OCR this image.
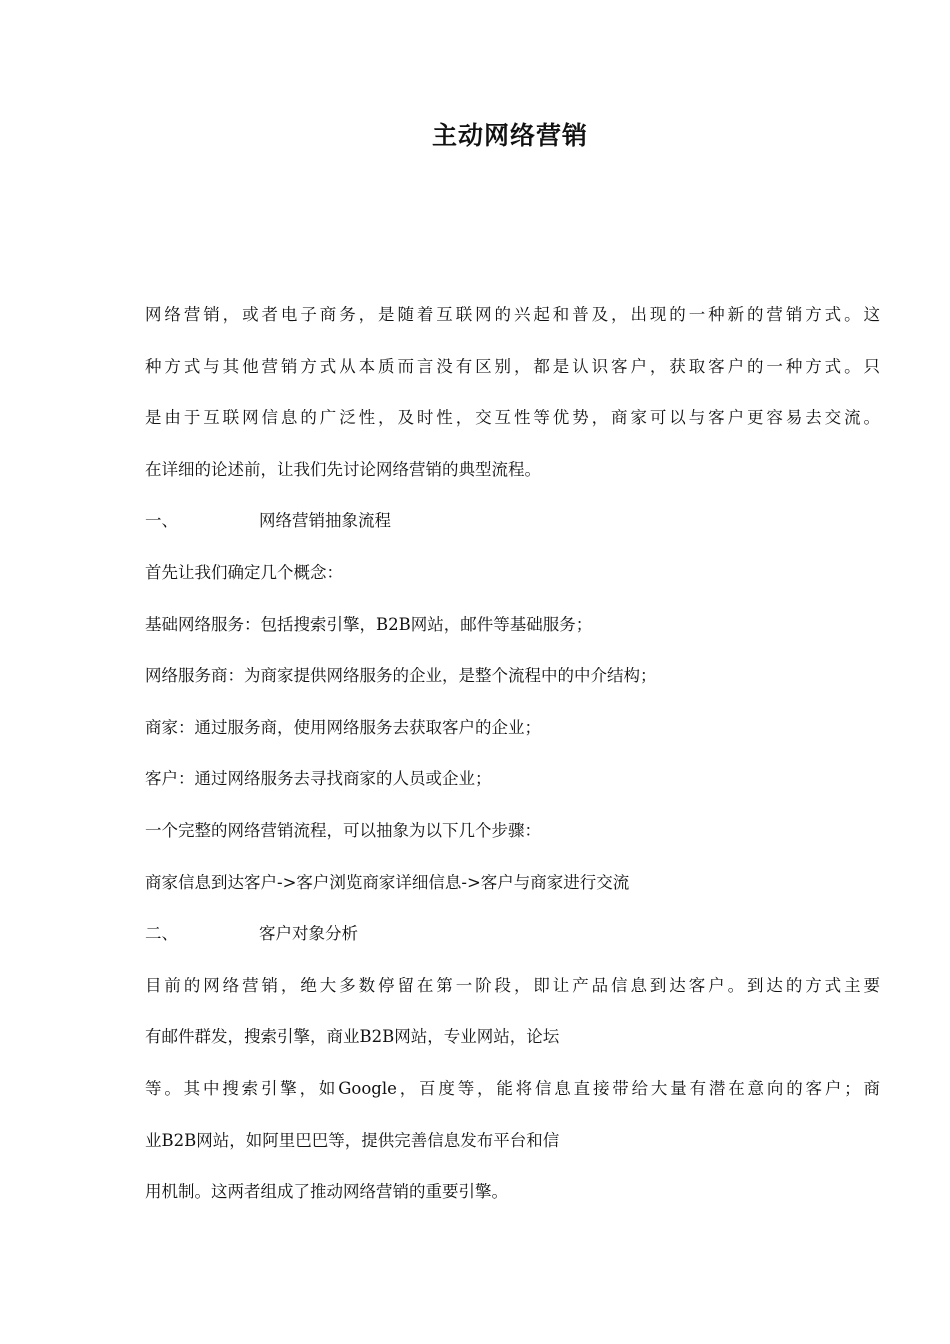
主动网络营销
网络营销，或者电子商务，是随着互联网的兴起和普及，出现的一种新的营销方式。这
种方式与其他营销方式从本质而言没有区别，都是认识客户，获取客户的一种方式。只
是由于互联网信息的广泛性，及时性，交互性等优势，商家可以与客户更容易去交流。
在详细的论述前，让我们先讨论网络营销的典型流程。
一、	网络营销抽象流程
首先让我们确定几个概念：
基础网络服务：包括搜索引擎，B2B网站，邮件等基础服务；
网络服务商：为商家提供网络服务的企业，是整个流程中的中介结构；
商家：通过服务商，使用网络服务去获取客户的企业；
客户：通过网络服务去寻找商家的人员或企业；
一个完整的网络营销流程，可以抽象为以下几个步骤：
商家信息到达客户->客户浏览商家详细信息->客户与商家进行交流
二、	客户对象分析
目前的网络营销，绝大多数停留在第一阶段，即让产品信息到达客户。到达的方式主要
有邮件群发，搜索引擎，商业B2B网站，专业网站，论坛
等。其中搜索引擎，如Google，百度等，能将信息直接带给大量有潜在意向的客户；商
业B2B网站，如阿里巴巴等，提供完善信息发布平台和信
用机制。这两者组成了推动网络营销的重要引擎。
